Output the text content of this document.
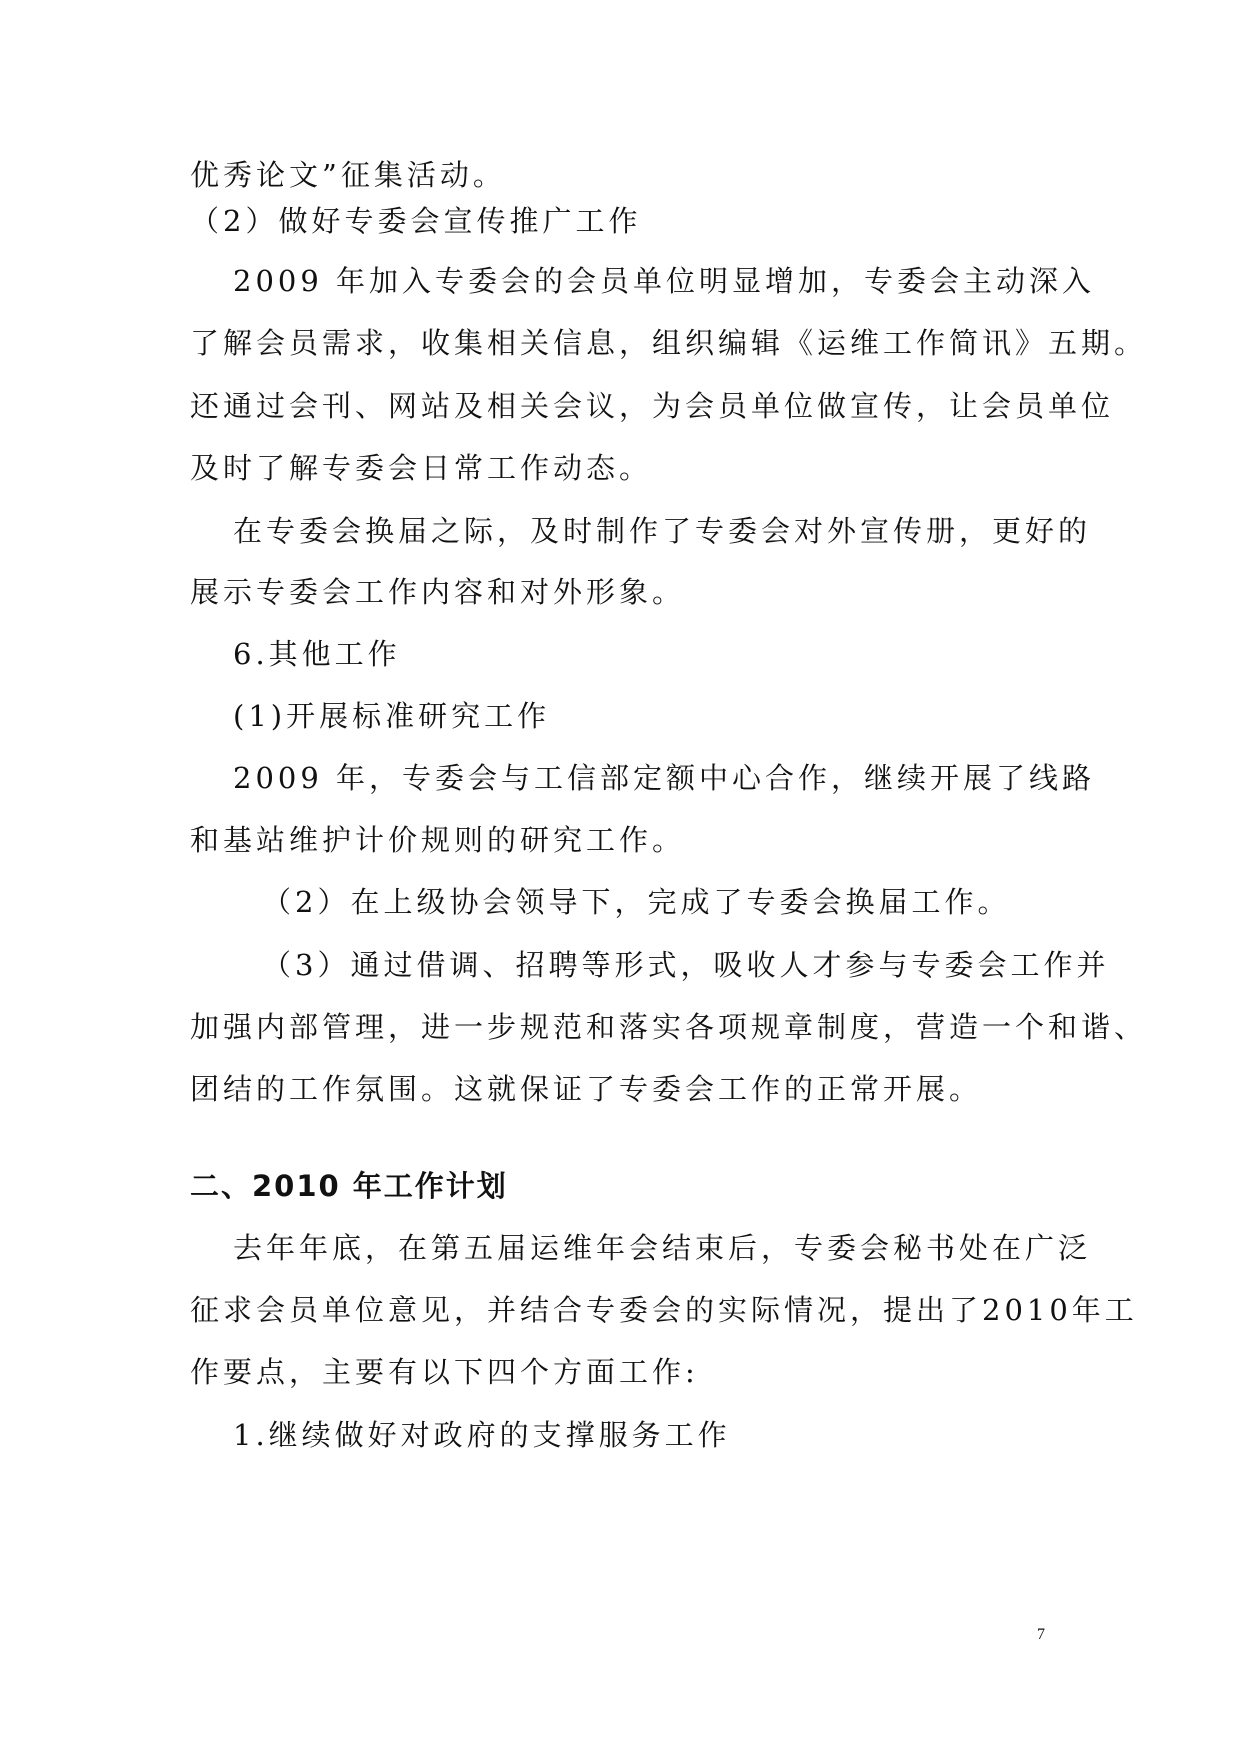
优秀论文”征集活动。
（2）做好专委会宣传推广工作
2009 年加入专委会的会员单位明显增加，专委会主动深入
了解会员需求，收集相关信息，组织编辑《运维工作简讯》五期。
还通过会刊、网站及相关会议，为会员单位做宣传，让会员单位
及时了解专委会日常工作动态。
在专委会换届之际，及时制作了专委会对外宣传册，更好的
展示专委会工作内容和对外形象。
6.其他工作
(1)开展标准研究工作
2009 年，专委会与工信部定额中心合作，继续开展了线路
和基站维护计价规则的研究工作。
（2）在上级协会领导下，完成了专委会换届工作。
（3）通过借调、招聘等形式，吸收人才参与专委会工作并
加强内部管理，进一步规范和落实各项规章制度，营造一个和谐、
团结的工作氛围。这就保证了专委会工作的正常开展。
二、2010 年工作计划
去年年底，在第五届运维年会结束后，专委会秘书处在广泛
征求会员单位意见，并结合专委会的实际情况，提出了2010年工
作要点，主要有以下四个方面工作:
1.继续做好对政府的支撑服务工作
7
